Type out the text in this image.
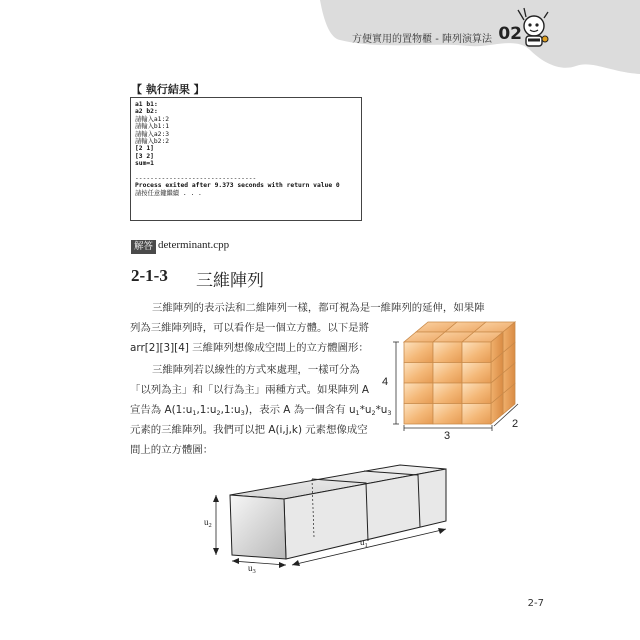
方便實用的置物櫃 - 陣列演算法 02
【 執行結果 】
a1 b1:
a2 b2:
請輸入a1:2
請輸入b1:1
請輸入a2:3
請輸入b2:2
[2 1]
[3 2]
sum=1
--------------------------------
Process exited after 9.373 seconds with return value 0
請按任意鍵繼續 . . .
解答 determinant.cpp
2-1-3 三維陣列
三維陣列的表示法和二維陣列一樣，都可視為是一維陣列的延伸，如果陣
列為三維陣列時，可以看作是一個立方體。以下是將
arr[2][3][4] 三維陣列想像成空間上的立方體圖形：
三維陣列若以線性的方式來處理，一樣可分為
「以列為主」和「以行為主」兩種方式。如果陣列 A
宣告為 $A(1:u_1,1:u_2,1:u_3)$，表示 A 為一個含有 $u_1*u_2*u_3$
元素的三維陣列。我們可以把 A(i,j,k) 元素想像成空
間上的立方體圖：
4
3
2
$u_2$
$u_3$
$u_1$
2-7
